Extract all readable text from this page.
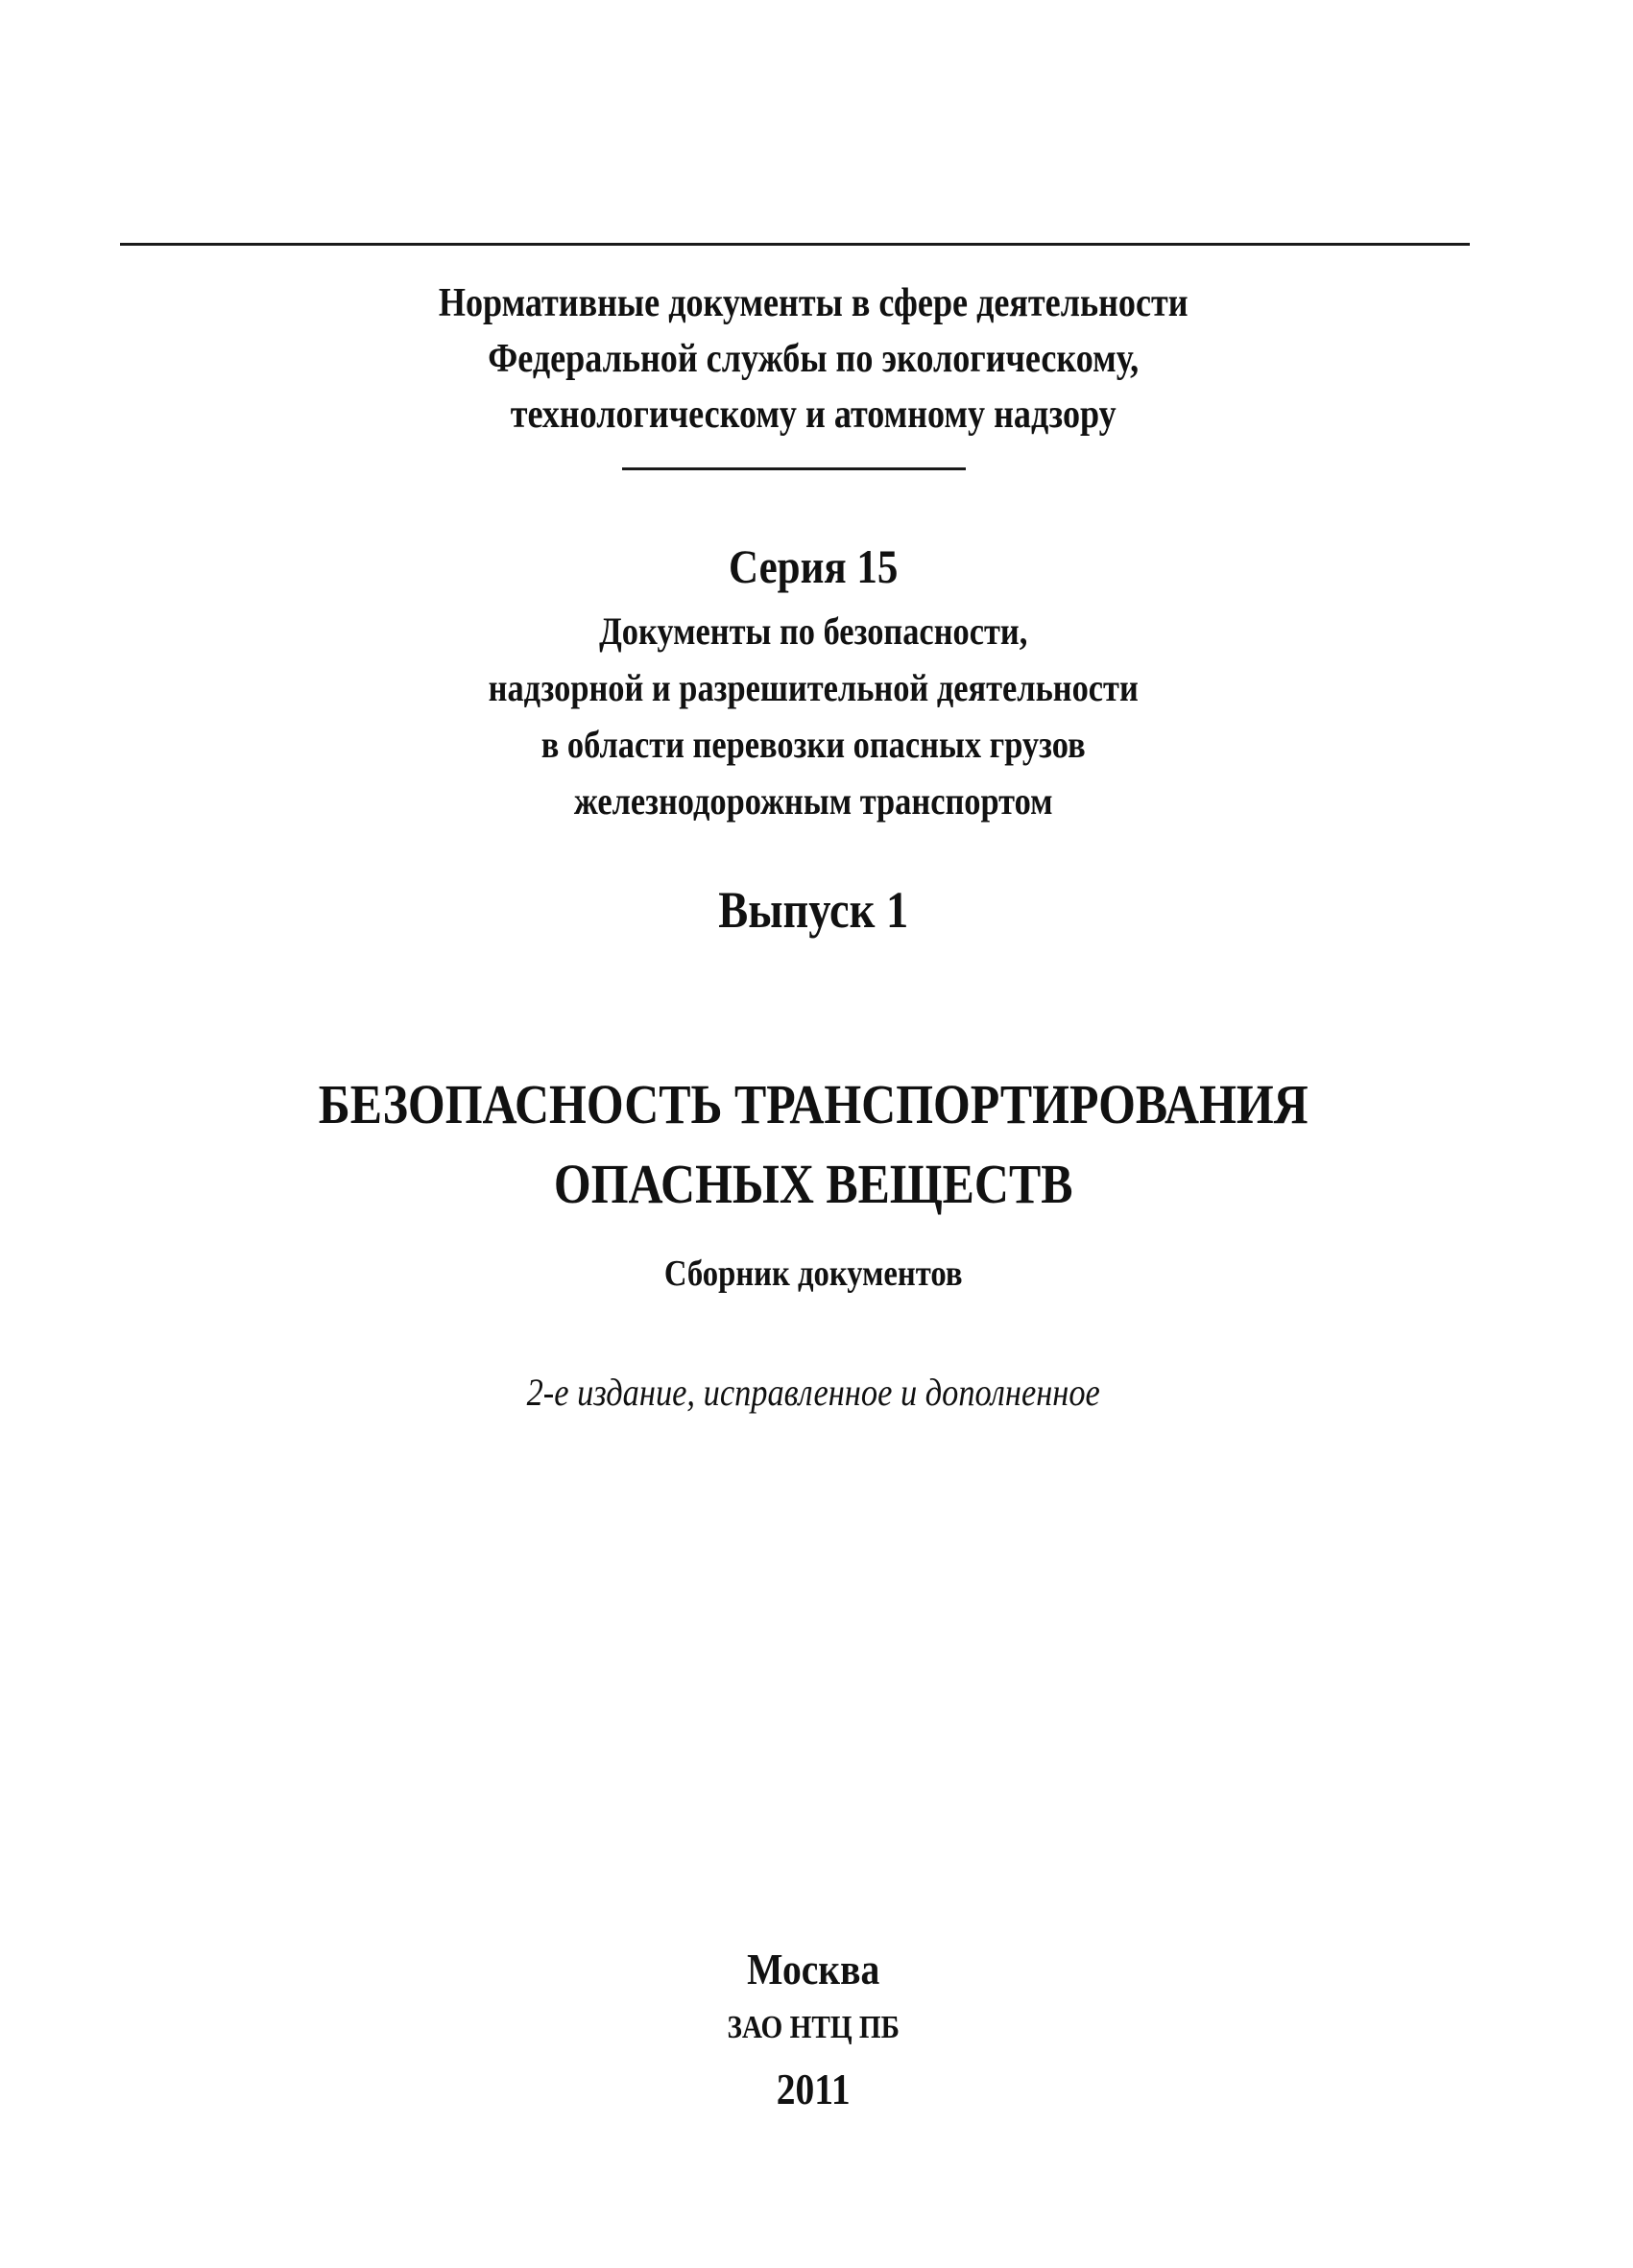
Нормативные документы в сфере деятельности
Федеральной службы по экологическому,
технологическому и атомному надзору
Серия 15
Документы по безопасности,
надзорной и разрешительной деятельности
в области перевозки опасных грузов
железнодорожным транспортом
Выпуск 1
БЕЗОПАСНОСТЬ ТРАНСПОРТИРОВАНИЯ
ОПАСНЫХ ВЕЩЕСТВ
Сборник документов
2-е издание, исправленное и дополненное
Москва
ЗАО НТЦ ПБ
2011
